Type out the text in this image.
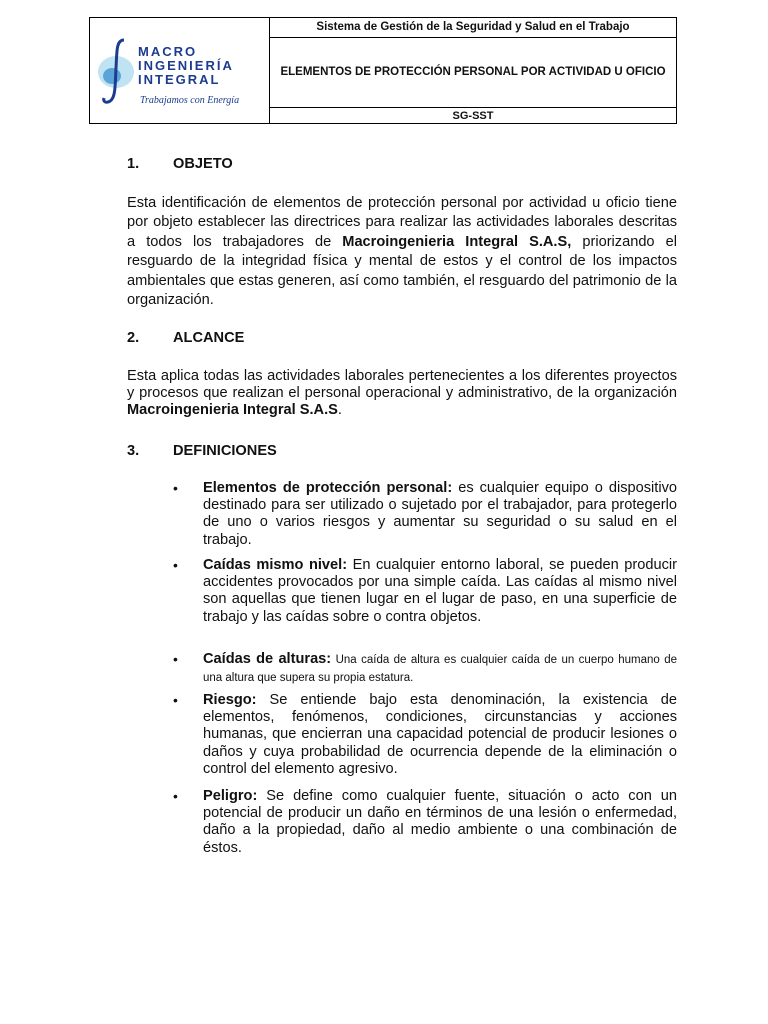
MACRO
INGENIERÍA
INTEGRAL
Trabajamos con Energía
Sistema de Gestión de la Seguridad y Salud en el Trabajo
ELEMENTOS DE PROTECCIÓN PERSONAL POR ACTIVIDAD U OFICIO
SG-SST
1.	OBJETO

Esta identificación de elementos de protección personal por actividad u oficio tiene por objeto establecer las directrices para realizar las actividades laborales descritas a todos los trabajadores de Macroingenieria Integral S.A.S, priorizando el resguardo de la integridad física y mental de estos y el control de los impactos ambientales que estas generen, así como también, el resguardo del patrimonio de la organización.

2.	ALCANCE

Esta aplica todas las actividades laborales pertenecientes a los diferentes proyectos y procesos que realizan el personal operacional y administrativo, de la organización Macroingenieria Integral S.A.S.

3.	DEFINICIONES
• Elementos de protección personal: es cualquier equipo o dispositivo destinado para ser utilizado o sujetado por el trabajador, para protegerlo de uno o varios riesgos y aumentar su seguridad o su salud en el trabajo.
• Caídas mismo nivel: En cualquier entorno laboral, se pueden producir accidentes provocados por una simple caída. Las caídas al mismo nivel son aquellas que tienen lugar en el lugar de paso, en una superficie de trabajo y las caídas sobre o contra objetos.
• Caídas de alturas: Una caída de altura es cualquier caída de un cuerpo humano de una altura que supera su propia estatura.
• Riesgo: Se entiende bajo esta denominación, la existencia de elementos, fenómenos, condiciones, circunstancias y acciones humanas, que encierran una capacidad potencial de producir lesiones o daños y cuya probabilidad de ocurrencia depende de la eliminación o control del elemento agresivo.
• Peligro: Se define como cualquier fuente, situación o acto con un potencial de producir un daño en términos de una lesión o enfermedad, daño a la propiedad, daño al medio ambiente o una combinación de éstos.
